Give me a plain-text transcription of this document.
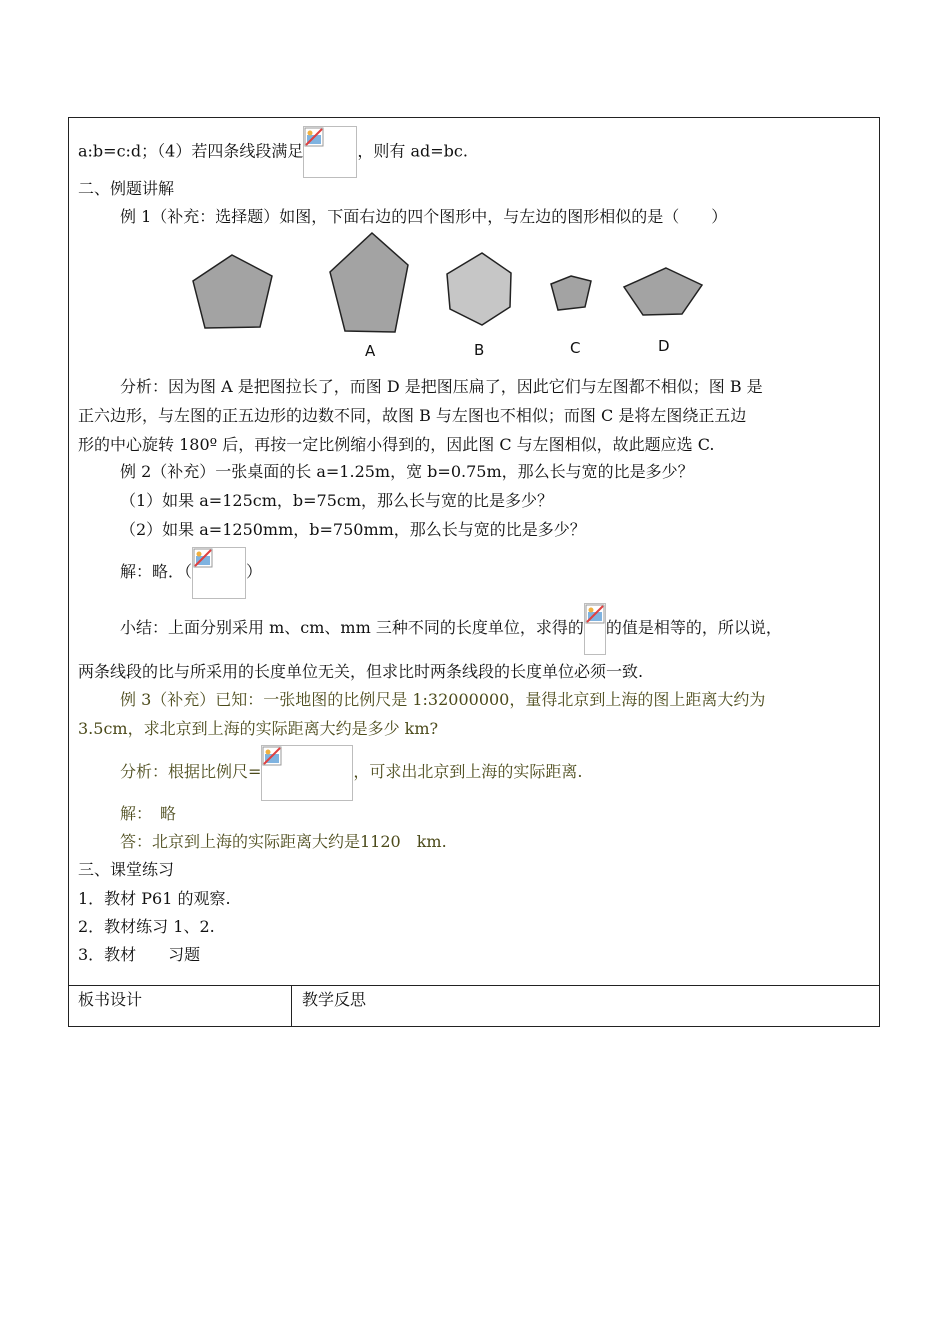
a:b=c:d；（4）若四条线段满足	，则有 ad=bc.
二、例题讲解
例 1（补充：选择题）如图，下面右边的四个图形中，与左边的图形相似的是（　　）
A	B	C	D
分析：因为图 A 是把图拉长了，而图 D 是把图压扁了，因此它们与左图都不相似；图 B 是
正六边形，与左图的正五边形的边数不同，故图 B 与左图也不相似；而图 C 是将左图绕正五边
形的中心旋转 180º 后，再按一定比例缩小得到的，因此图 C 与左图相似，故此题应选 C.
例 2（补充）一张桌面的长 a=1.25m，宽 b=0.75m，那么长与宽的比是多少？
（1）如果 a=125cm，b=75cm，那么长与宽的比是多少？
（2）如果 a=1250mm，b=750mm，那么长与宽的比是多少？
解：略．（	）
小结：上面分别采用 m、cm、mm 三种不同的长度单位，求得的 的值是相等的，所以说，
两条线段的比与所采用的长度单位无关，但求比时两条线段的长度单位必须一致.
例 3（补充）已知：一张地图的比例尺是 1:32000000，量得北京到上海的图上距离大约为
3.5cm，求北京到上海的实际距离大约是多少 km?
分析：根据比例尺=	，可求出北京到上海的实际距离.
解：　略
答：北京到上海的实际距离大约是1120　km.
三、课堂练习
1．教材 P61 的观察.
2．教材练习 1、2.
3．教材　　习题
板书设计	教学反思
